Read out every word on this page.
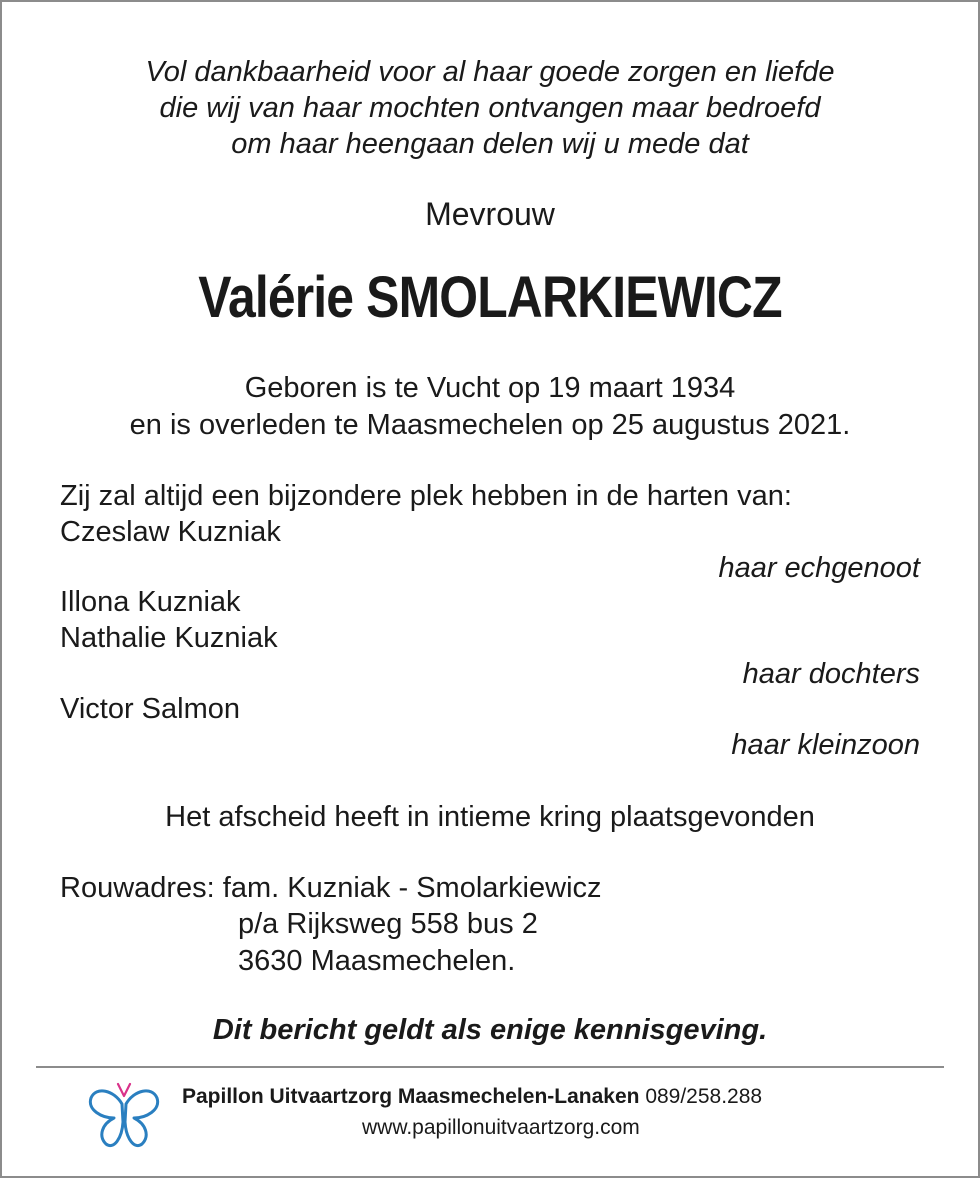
Vol dankbaarheid voor al haar goede zorgen en liefde
die wij van haar mochten ontvangen maar bedroefd
om haar heengaan delen wij u mede dat
Mevrouw
Valérie SMOLARKIEWICZ
Geboren is te Vucht op 19 maart 1934
en is overleden te Maasmechelen op 25 augustus 2021.
Zij zal altijd een bijzondere plek hebben in de harten van:
Czeslaw Kuzniak
haar echgenoot
Illona Kuzniak
Nathalie Kuzniak
haar dochters
Victor Salmon
haar kleinzoon
Het afscheid heeft in intieme kring plaatsgevonden
Rouwadres: fam. Kuzniak - Smolarkiewicz
p/a Rijksweg 558 bus 2
3630 Maasmechelen.
Dit bericht geldt als enige kennisgeving.
Papillon Uitvaartzorg Maasmechelen-Lanaken 089/258.288
www.papillonuitvaartzorg.com
